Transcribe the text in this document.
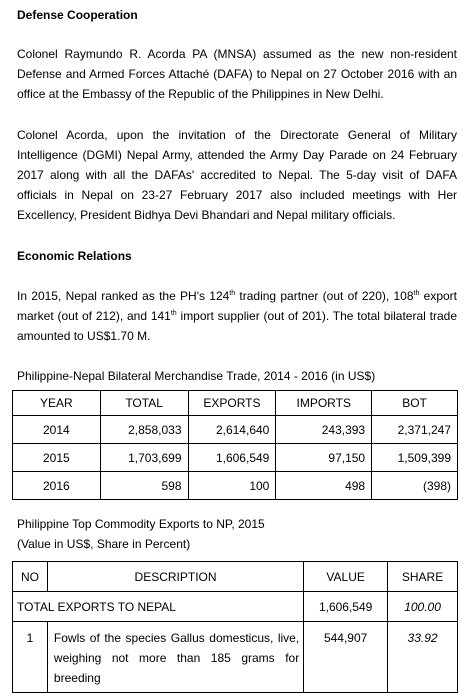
Defense Cooperation

Colonel Raymundo R. Acorda PA (MNSA) assumed as the new non-resident Defense and Armed Forces Attaché (DAFA) to Nepal on 27 October 2016 with an office at the Embassy of the Republic of the Philippines in New Delhi.

Colonel Acorda, upon the invitation of the Directorate General of Military Intelligence (DGMI) Nepal Army, attended the Army Day Parade on 24 February 2017 along with all the DAFAs' accredited to Nepal. The 5-day visit of DAFA officials in Nepal on 23-27 February 2017 also included meetings with Her Excellency, President Bidhya Devi Bhandari and Nepal military officials.

Economic Relations

In 2015, Nepal ranked as the PH's 124th trading partner (out of 220), 108th export market (out of 212), and 141th import supplier (out of 201). The total bilateral trade amounted to US$1.70 M.

Philippine-Nepal Bilateral Merchandise Trade, 2014 - 2016 (in US$)
YEAR	TOTAL	EXPORTS	IMPORTS	BOT
2014	2,858,033	2,614,640	243,393	2,371,247
2015	1,703,699	1,606,549	97,150	1,509,399
2016	598	100	498	(398)
Philippine Top Commodity Exports to NP, 2015
(Value in US$, Share in Percent)
NO	DESCRIPTION	VALUE	SHARE
TOTAL EXPORTS TO NEPAL		1,606,549	100.00
1	Fowls of the species Gallus domesticus, live, weighing not more than 185 grams for breeding	544,907	33.92
